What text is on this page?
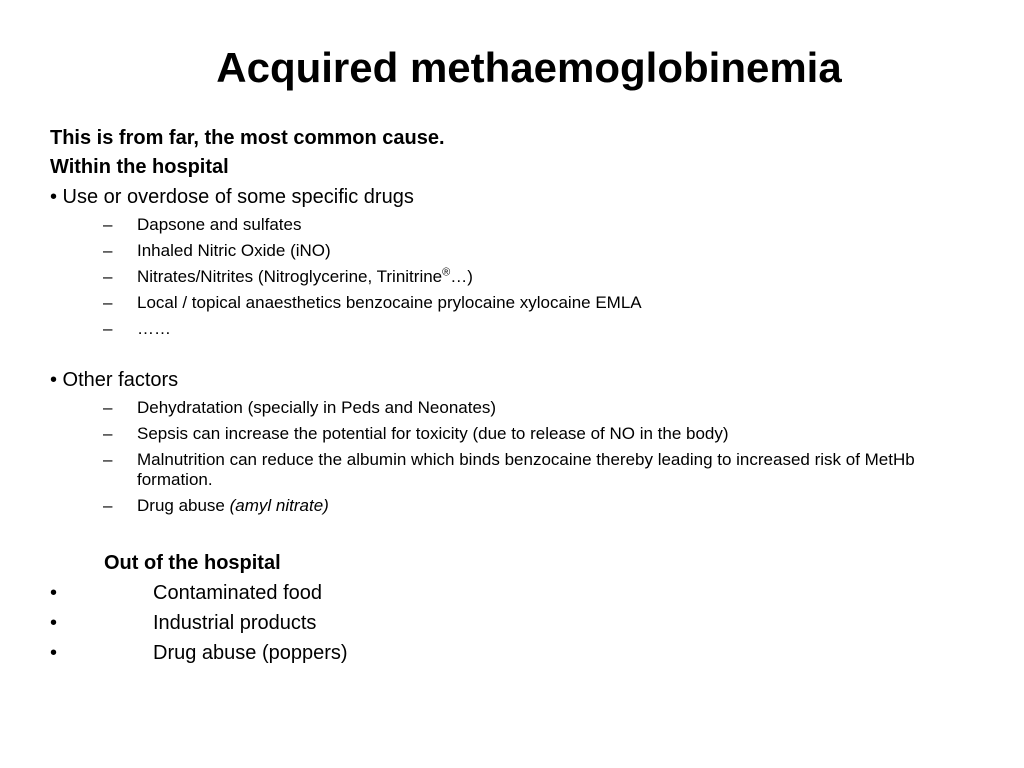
Acquired methaemoglobinemia
This is from far, the most common cause.
Within the hospital
• Use or overdose of some specific drugs
– Dapsone and sulfates
– Inhaled Nitric Oxide (iNO)
– Nitrates/Nitrites (Nitroglycerine, Trinitrine®…)
– Local / topical anaesthetics benzocaine prylocaine xylocaine EMLA
– ……
• Other factors
– Dehydratation (specially in Peds and Neonates)
– Sepsis can increase the potential for toxicity (due to release of NO in the body)
– Malnutrition can reduce the albumin which binds benzocaine thereby leading to increased risk of MetHb formation.
– Drug abuse (amyl nitrate)
Out of the hospital
•	Contaminated food
•	Industrial products
•	Drug abuse (poppers)
